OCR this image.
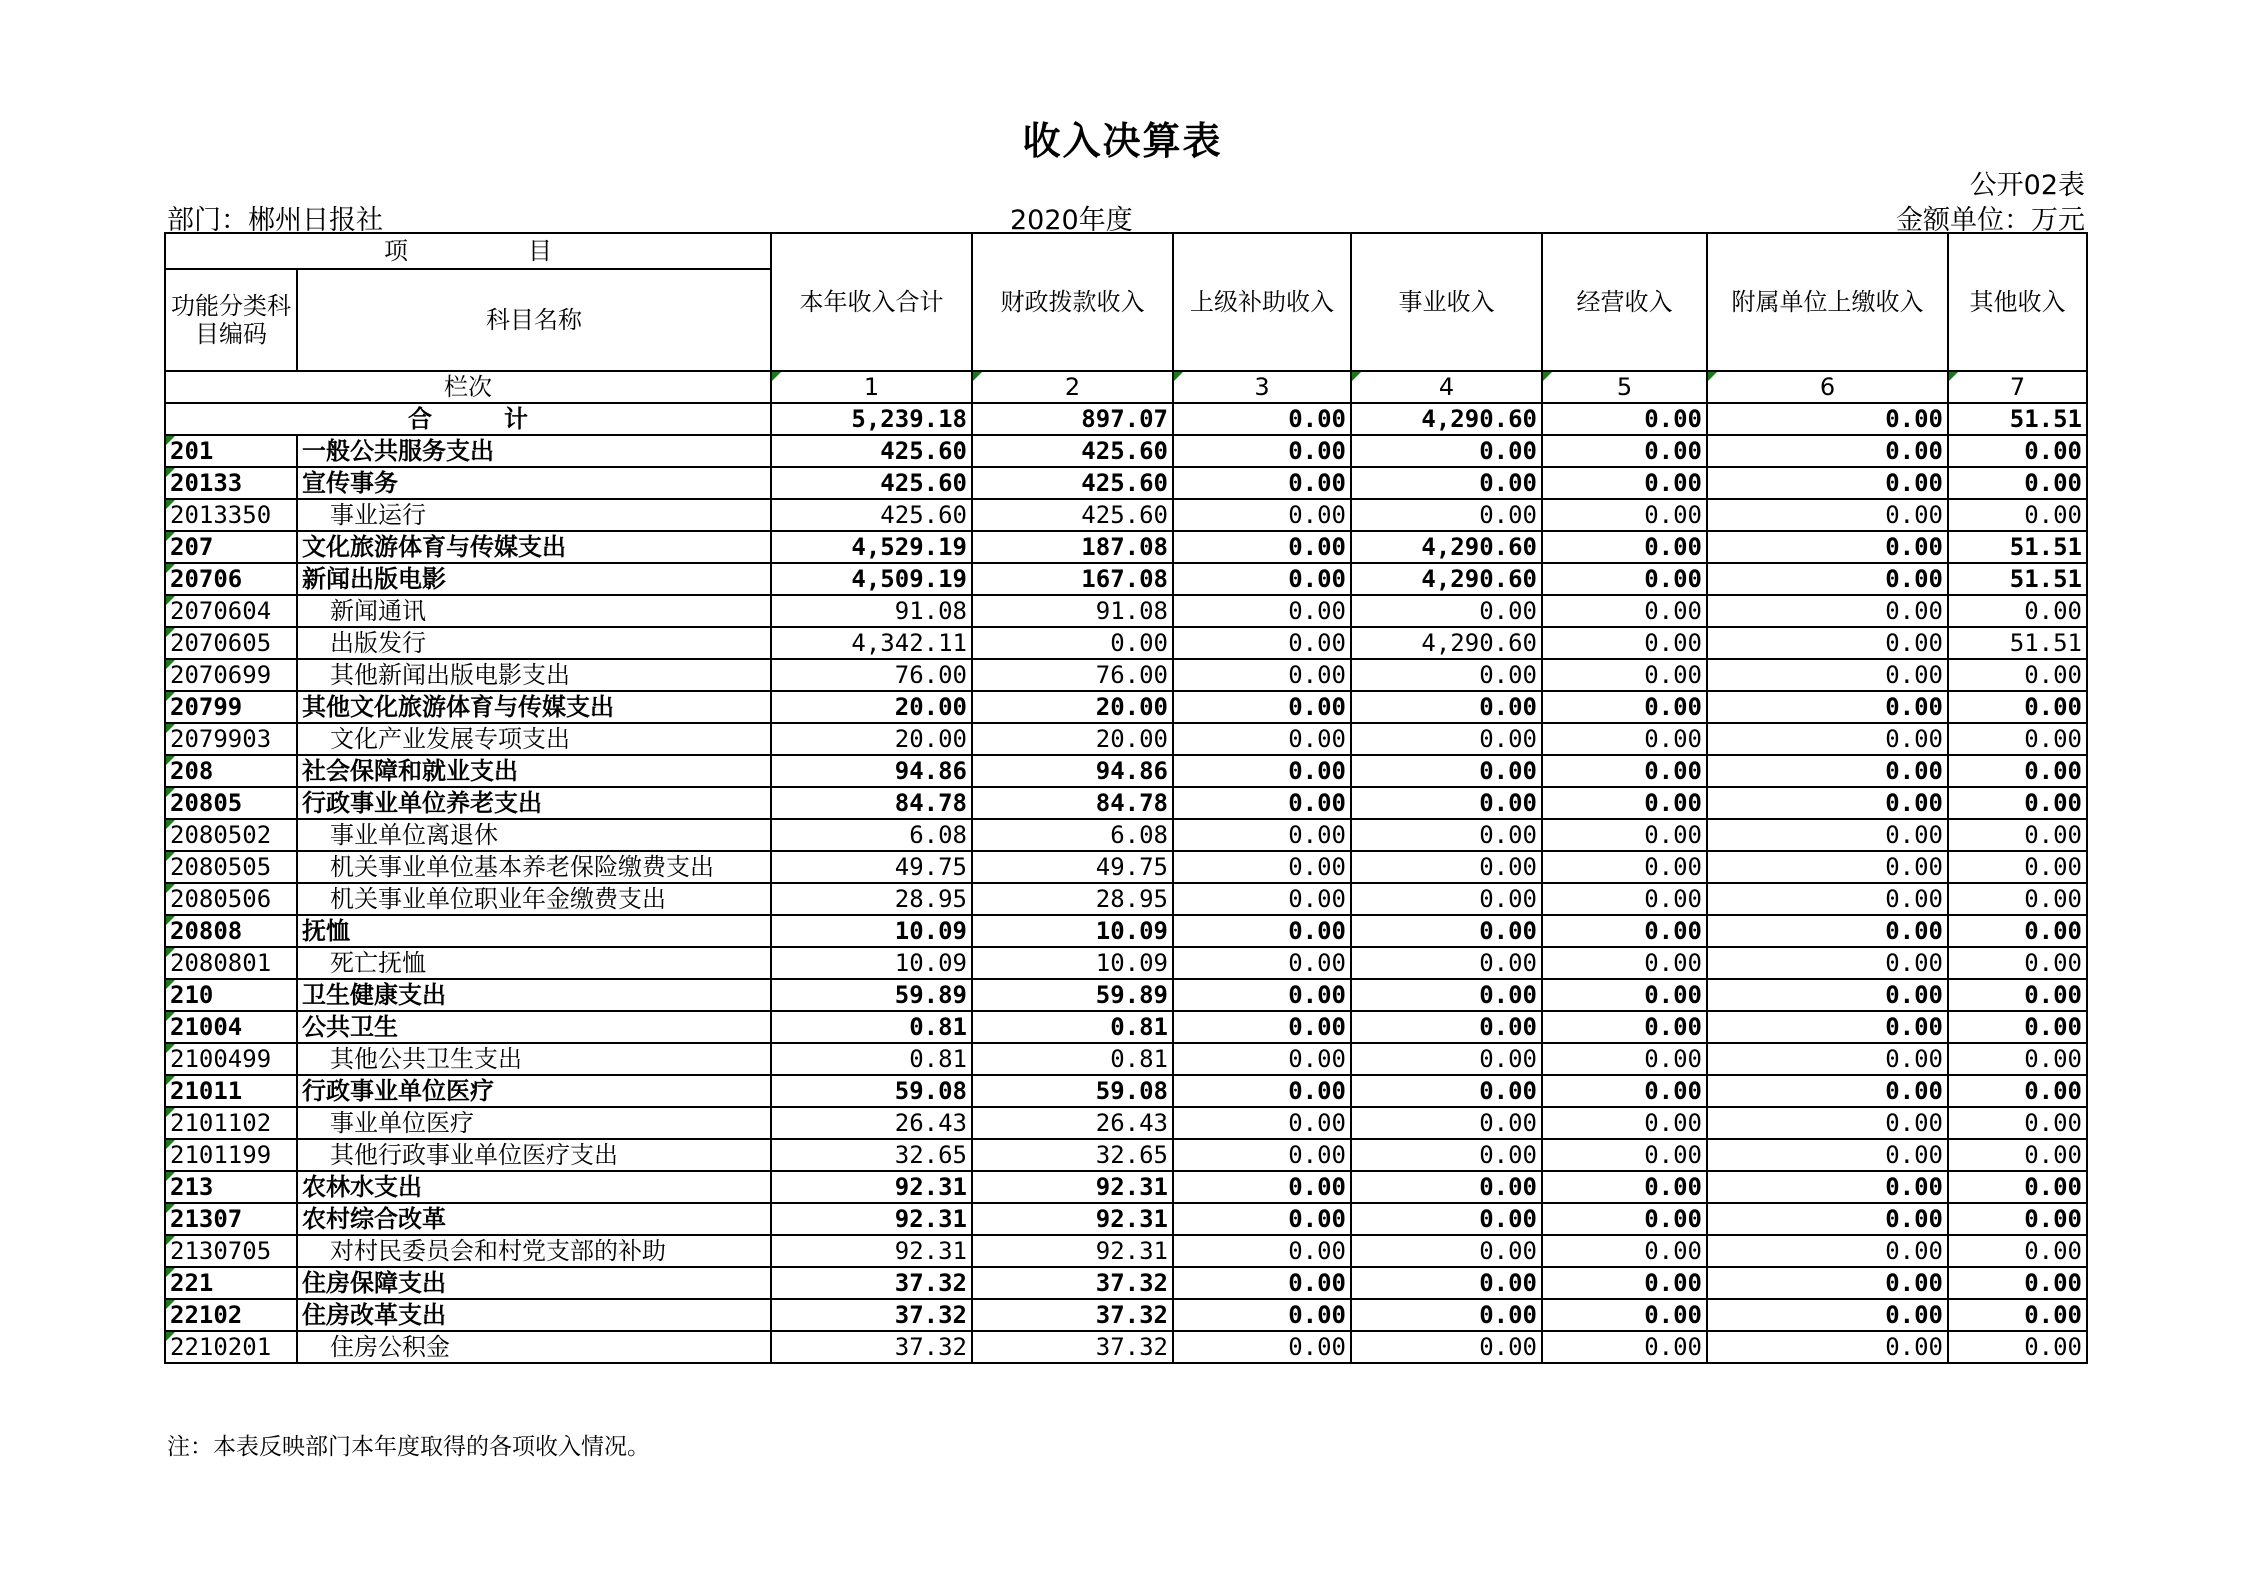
收入决算表
公开02表
部门：郴州日报社	2020年度	金额单位：万元
项　　　　　目		本年收入合计	财政拨款收入	上级补助收入	事业收入	经营收入	附属单位上缴收入	其他收入
功能分类科目编码	科目名称							
栏次		1	2	3	4	5	6	7
合　　　计		5,239.18	897.07	0.00	4,290.60	0.00	0.00	51.51
201	一般公共服务支出	425.60	425.60	0.00	0.00	0.00	0.00	0.00
20133	宣传事务	425.60	425.60	0.00	0.00	0.00	0.00	0.00
2013350	事业运行	425.60	425.60	0.00	0.00	0.00	0.00	0.00
207	文化旅游体育与传媒支出	4,529.19	187.08	0.00	4,290.60	0.00	0.00	51.51
20706	新闻出版电影	4,509.19	167.08	0.00	4,290.60	0.00	0.00	51.51
2070604	新闻通讯	91.08	91.08	0.00	0.00	0.00	0.00	0.00
2070605	出版发行	4,342.11	0.00	0.00	4,290.60	0.00	0.00	51.51
2070699	其他新闻出版电影支出	76.00	76.00	0.00	0.00	0.00	0.00	0.00
20799	其他文化旅游体育与传媒支出	20.00	20.00	0.00	0.00	0.00	0.00	0.00
2079903	文化产业发展专项支出	20.00	20.00	0.00	0.00	0.00	0.00	0.00
208	社会保障和就业支出	94.86	94.86	0.00	0.00	0.00	0.00	0.00
20805	行政事业单位养老支出	84.78	84.78	0.00	0.00	0.00	0.00	0.00
2080502	事业单位离退休	6.08	6.08	0.00	0.00	0.00	0.00	0.00
2080505	机关事业单位基本养老保险缴费支出	49.75	49.75	0.00	0.00	0.00	0.00	0.00
2080506	机关事业单位职业年金缴费支出	28.95	28.95	0.00	0.00	0.00	0.00	0.00
20808	抚恤	10.09	10.09	0.00	0.00	0.00	0.00	0.00
2080801	死亡抚恤	10.09	10.09	0.00	0.00	0.00	0.00	0.00
210	卫生健康支出	59.89	59.89	0.00	0.00	0.00	0.00	0.00
21004	公共卫生	0.81	0.81	0.00	0.00	0.00	0.00	0.00
2100499	其他公共卫生支出	0.81	0.81	0.00	0.00	0.00	0.00	0.00
21011	行政事业单位医疗	59.08	59.08	0.00	0.00	0.00	0.00	0.00
2101102	事业单位医疗	26.43	26.43	0.00	0.00	0.00	0.00	0.00
2101199	其他行政事业单位医疗支出	32.65	32.65	0.00	0.00	0.00	0.00	0.00
213	农林水支出	92.31	92.31	0.00	0.00	0.00	0.00	0.00
21307	农村综合改革	92.31	92.31	0.00	0.00	0.00	0.00	0.00
2130705	对村民委员会和村党支部的补助	92.31	92.31	0.00	0.00	0.00	0.00	0.00
221	住房保障支出	37.32	37.32	0.00	0.00	0.00	0.00	0.00
22102	住房改革支出	37.32	37.32	0.00	0.00	0.00	0.00	0.00
2210201	住房公积金	37.32	37.32	0.00	0.00	0.00	0.00	0.00
注：本表反映部门本年度取得的各项收入情况。
